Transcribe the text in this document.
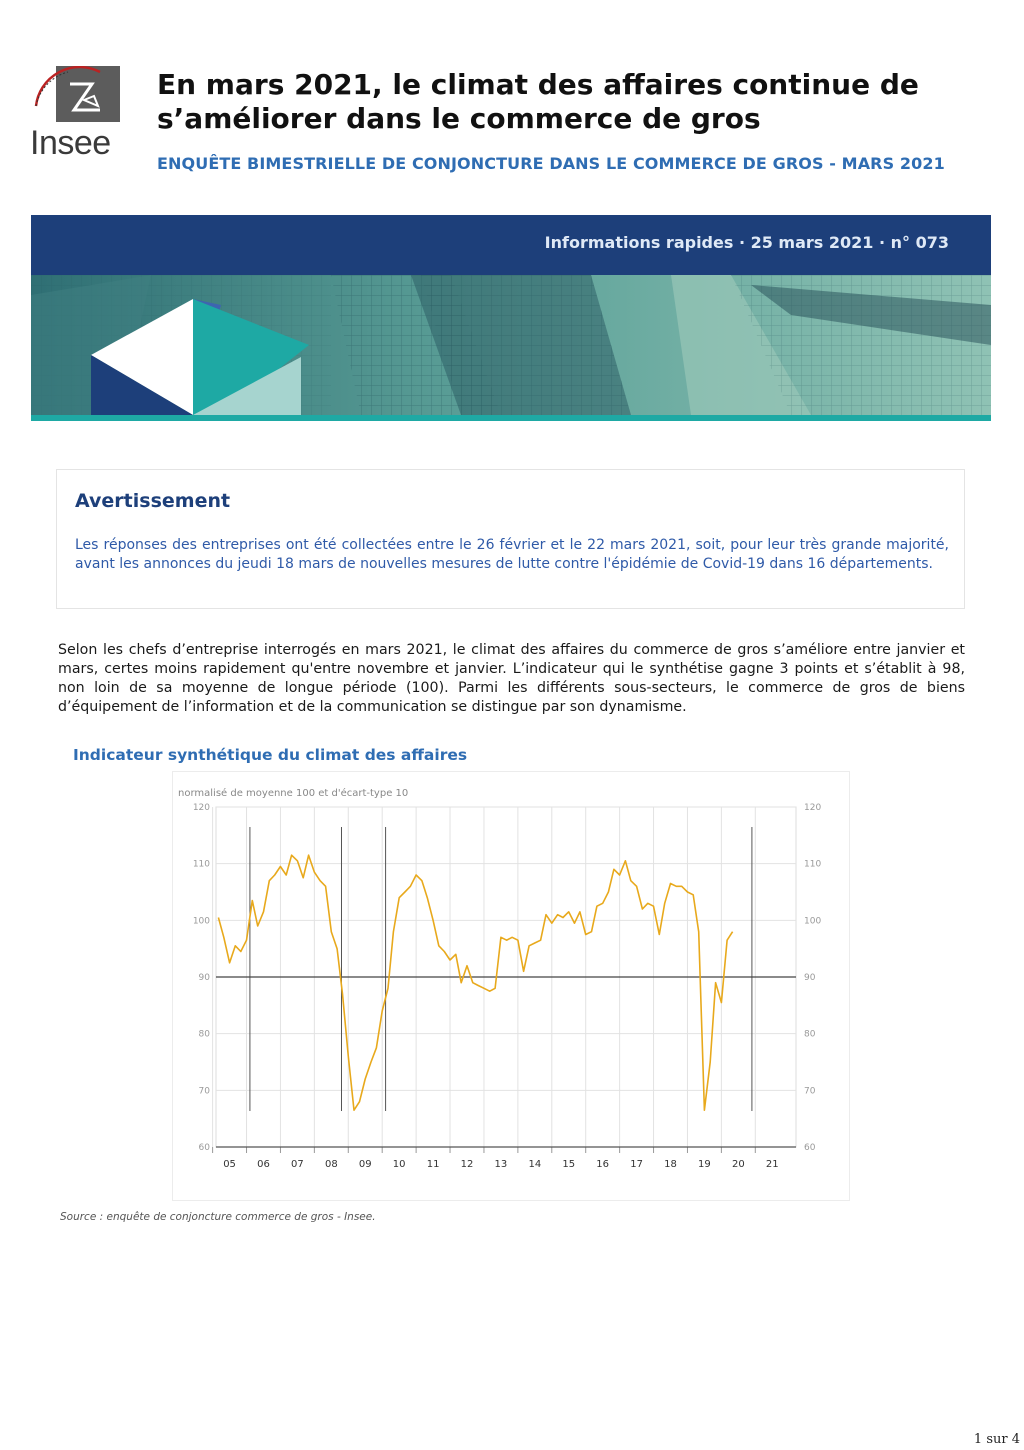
Insee
En mars 2021, le climat des affaires continue de s’améliorer dans le commerce de gros
ENQUÊTE BIMESTRIELLE DE CONJONCTURE DANS LE COMMERCE DE GROS - MARS 2021
Informations rapides · 25 mars 2021 · n° 073
Avertissement
Les réponses des entreprises ont été collectées entre le 26 février et le 22 mars 2021, soit, pour leur très grande majorité, avant les annonces du jeudi 18 mars de nouvelles mesures de lutte contre l'épidémie de Covid-19 dans 16 départements.
Selon les chefs d’entreprise interrogés en mars 2021, le climat des affaires du commerce de gros s’améliore entre janvier et mars, certes moins rapidement qu'entre novembre et janvier. L’indicateur qui le synthétise gagne 3 points et s’établit à 98, non loin de sa moyenne de longue période (100). Parmi les différents sous-secteurs, le commerce de gros de biens d’équipement de l’information et de la communication se distingue par son dynamisme.
Indicateur synthétique du climat des affaires
normalisé de moyenne 100 et d'écart-type 10
120	120
110	110
100	100
90	90
80	80
70	70
60	60
05 06 07 08 09 10 11 12 13 14 15 16 17 18 19 20 21
Source : enquête de conjoncture commerce de gros - Insee.
1 sur 4
